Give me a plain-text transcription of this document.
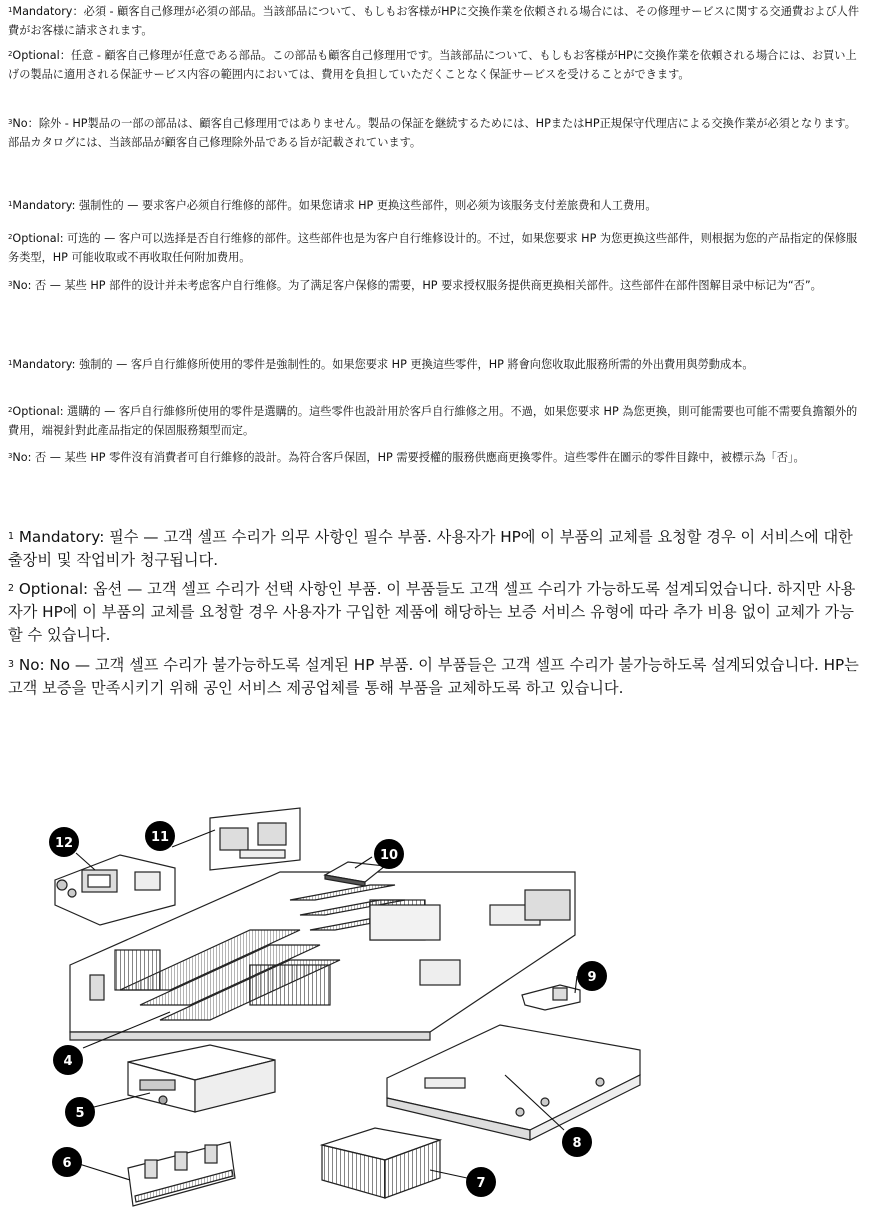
$^1$Mandatory：必須 - 顧客自己修理が必須の部品。当該部品について、もしもお客様がHPに交換作業を依頼される場合には、その修理サービスに関する交通費および人件費がお客様に請求されます。
$^2$Optional：任意 - 顧客自己修理が任意である部品。この部品も顧客自己修理用です。当該部品について、もしもお客様がHPに交換作業を依頼される場合には、お買い上げの製品に適用される保証サービス内容の範囲内においては、費用を負担していただくことなく保証サービスを受けることができます。
$^3$No：除外 - HP製品の一部の部品は、顧客自己修理用ではありません。製品の保証を継続するためには、HPまたはHP正規保守代理店による交換作業が必須となります。部品カタログには、当該部品が顧客自己修理除外品である旨が記載されています。
$^1$Mandatory: 强制性的 — 要求客户必须自行维修的部件。如果您请求 HP 更换这些部件，则必须为该服务支付差旅费和人工费用。
$^2$Optional: 可选的 — 客户可以选择是否自行维修的部件。这些部件也是为客户自行维修设计的。不过，如果您要求 HP 为您更换这些部件，则根据为您的产品指定的保修服务类型，HP 可能收取或不再收取任何附加费用。
$^3$No: 否 — 某些 HP 部件的设计并未考虑客户自行维修。为了满足客户保修的需要，HP 要求授权服务提供商更换相关部件。这些部件在部件图解目录中标记为“否”。
$^1$Mandatory: 強制的 — 客戶自行維修所使用的零件是強制性的。如果您要求 HP 更換這些零件，HP 將會向您收取此服務所需的外出費用與勞動成本。
$^2$Optional: 選購的 — 客戶自行維修所使用的零件是選購的。這些零件也設計用於客戶自行維修之用。不過，如果您要求 HP 為您更換，則可能需要也可能不需要負擔額外的費用，端視針對此產品指定的保固服務類型而定。
$^3$No: 否 — 某些 HP 零件沒有消費者可自行維修的設計。為符合客戶保固，HP 需要授權的服務供應商更換零件。這些零件在圖示的零件目錄中，被標示為「否」。
$^1$ Mandatory: 필수 — 고객 셀프 수리가 의무 사항인 필수 부품. 사용자가 HP에 이 부품의 교체를 요청할 경우 이 서비스에 대한 출장비 및 작업비가 청구됩니다.
$^2$ Optional: 옵션 — 고객 셀프 수리가 선택 사항인 부품. 이 부품들도 고객 셀프 수리가 가능하도록 설계되었습니다. 하지만 사용자가 HP에 이 부품의 교체를 요청할 경우 사용자가 구입한 제품에 해당하는 보증 서비스 유형에 따라 추가 비용 없이 교체가 가능할 수 있습니다.
$^3$ No: No — 고객 셀프 수리가 불가능하도록 설계된 HP 부품. 이 부품들은 고객 셀프 수리가 불가능하도록 설계되었습니다. HP는 고객 보증을 만족시키기 위해 공인 서비스 제공업체를 통해 부품을 교체하도록 하고 있습니다.
12	11
10
9
4
5
6
7
8
